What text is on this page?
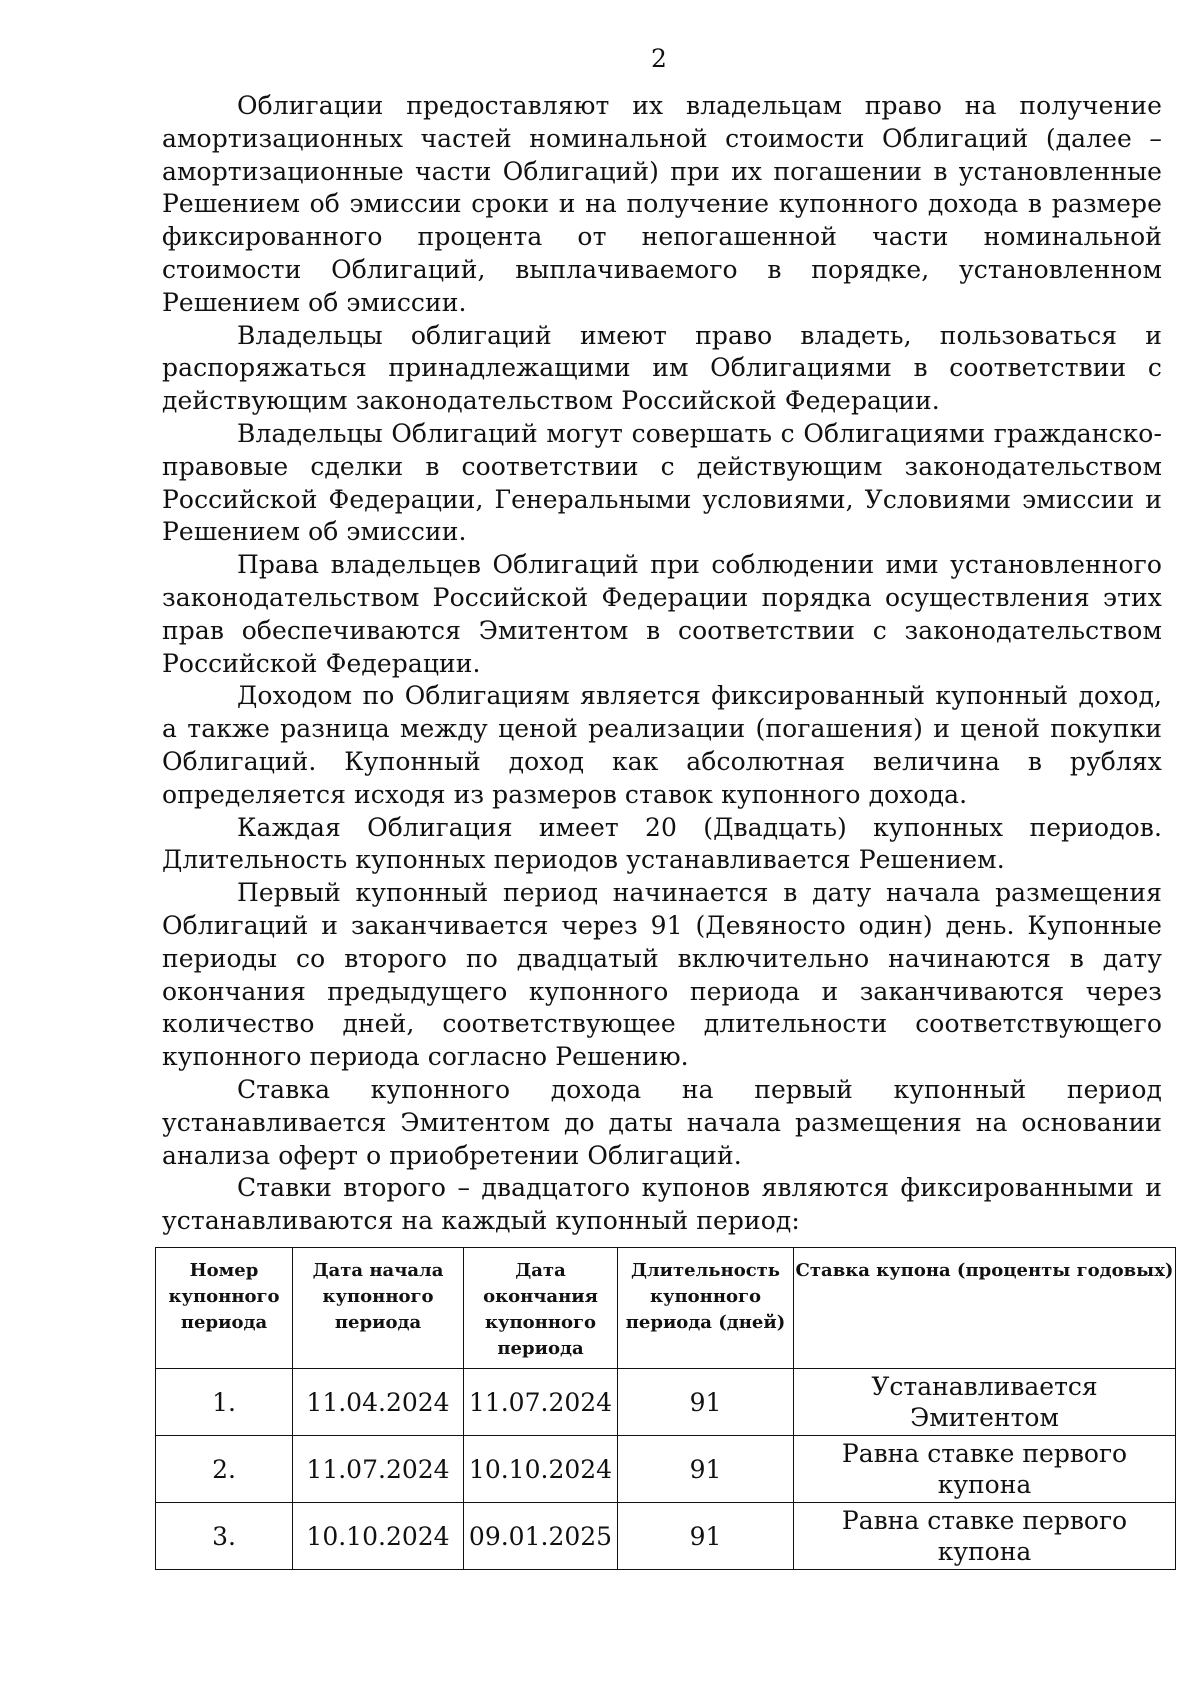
2

Облигации предоставляют их владельцам право на получение амортизационных частей номинальной стоимости Облигаций (далее – амортизационные части Облигаций) при их погашении в установленные Решением об эмиссии сроки и на получение купонного дохода в размере фиксированного процента от непогашенной части номинальной стоимости Облигаций, выплачиваемого в порядке, установленном Решением об эмиссии.

Владельцы облигаций имеют право владеть, пользоваться и распоряжаться принадлежащими им Облигациями в соответствии с действующим законодательством Российской Федерации.

Владельцы Облигаций могут совершать с Облигациями гражданско-правовые сделки в соответствии с действующим законодательством Российской Федерации, Генеральными условиями, Условиями эмиссии и Решением об эмиссии.

Права владельцев Облигаций при соблюдении ими установленного законодательством Российской Федерации порядка осуществления этих прав обеспечиваются Эмитентом в соответствии с законодательством Российской Федерации.

Доходом по Облигациям является фиксированный купонный доход, а также разница между ценой реализации (погашения) и ценой покупки Облигаций. Купонный доход как абсолютная величина в рублях определяется исходя из размеров ставок купонного дохода.

Каждая Облигация имеет 20 (Двадцать) купонных периодов. Длительность купонных периодов устанавливается Решением.

Первый купонный период начинается в дату начала размещения Облигаций и заканчивается через 91 (Девяносто один) день. Купонные периоды со второго по двадцатый включительно начинаются в дату окончания предыдущего купонного периода и заканчиваются через количество дней, соответствующее длительности соответствующего купонного периода согласно Решению.

Ставка купонного дохода на первый купонный период устанавливается Эмитентом до даты начала размещения на основании анализа оферт о приобретении Облигаций.

Ставки второго – двадцатого купонов являются фиксированными и устанавливаются на каждый купонный период:

Номер купонного периода	Дата начала купонного периода	Дата окончания купонного периода	Длительность купонного периода (дней)	Ставка купона (проценты годовых)
1.	11.04.2024	11.07.2024	91	Устанавливается Эмитентом
2.	11.07.2024	10.10.2024	91	Равна ставке первого купона
3.	10.10.2024	09.01.2025	91	Равна ставке первого купона
